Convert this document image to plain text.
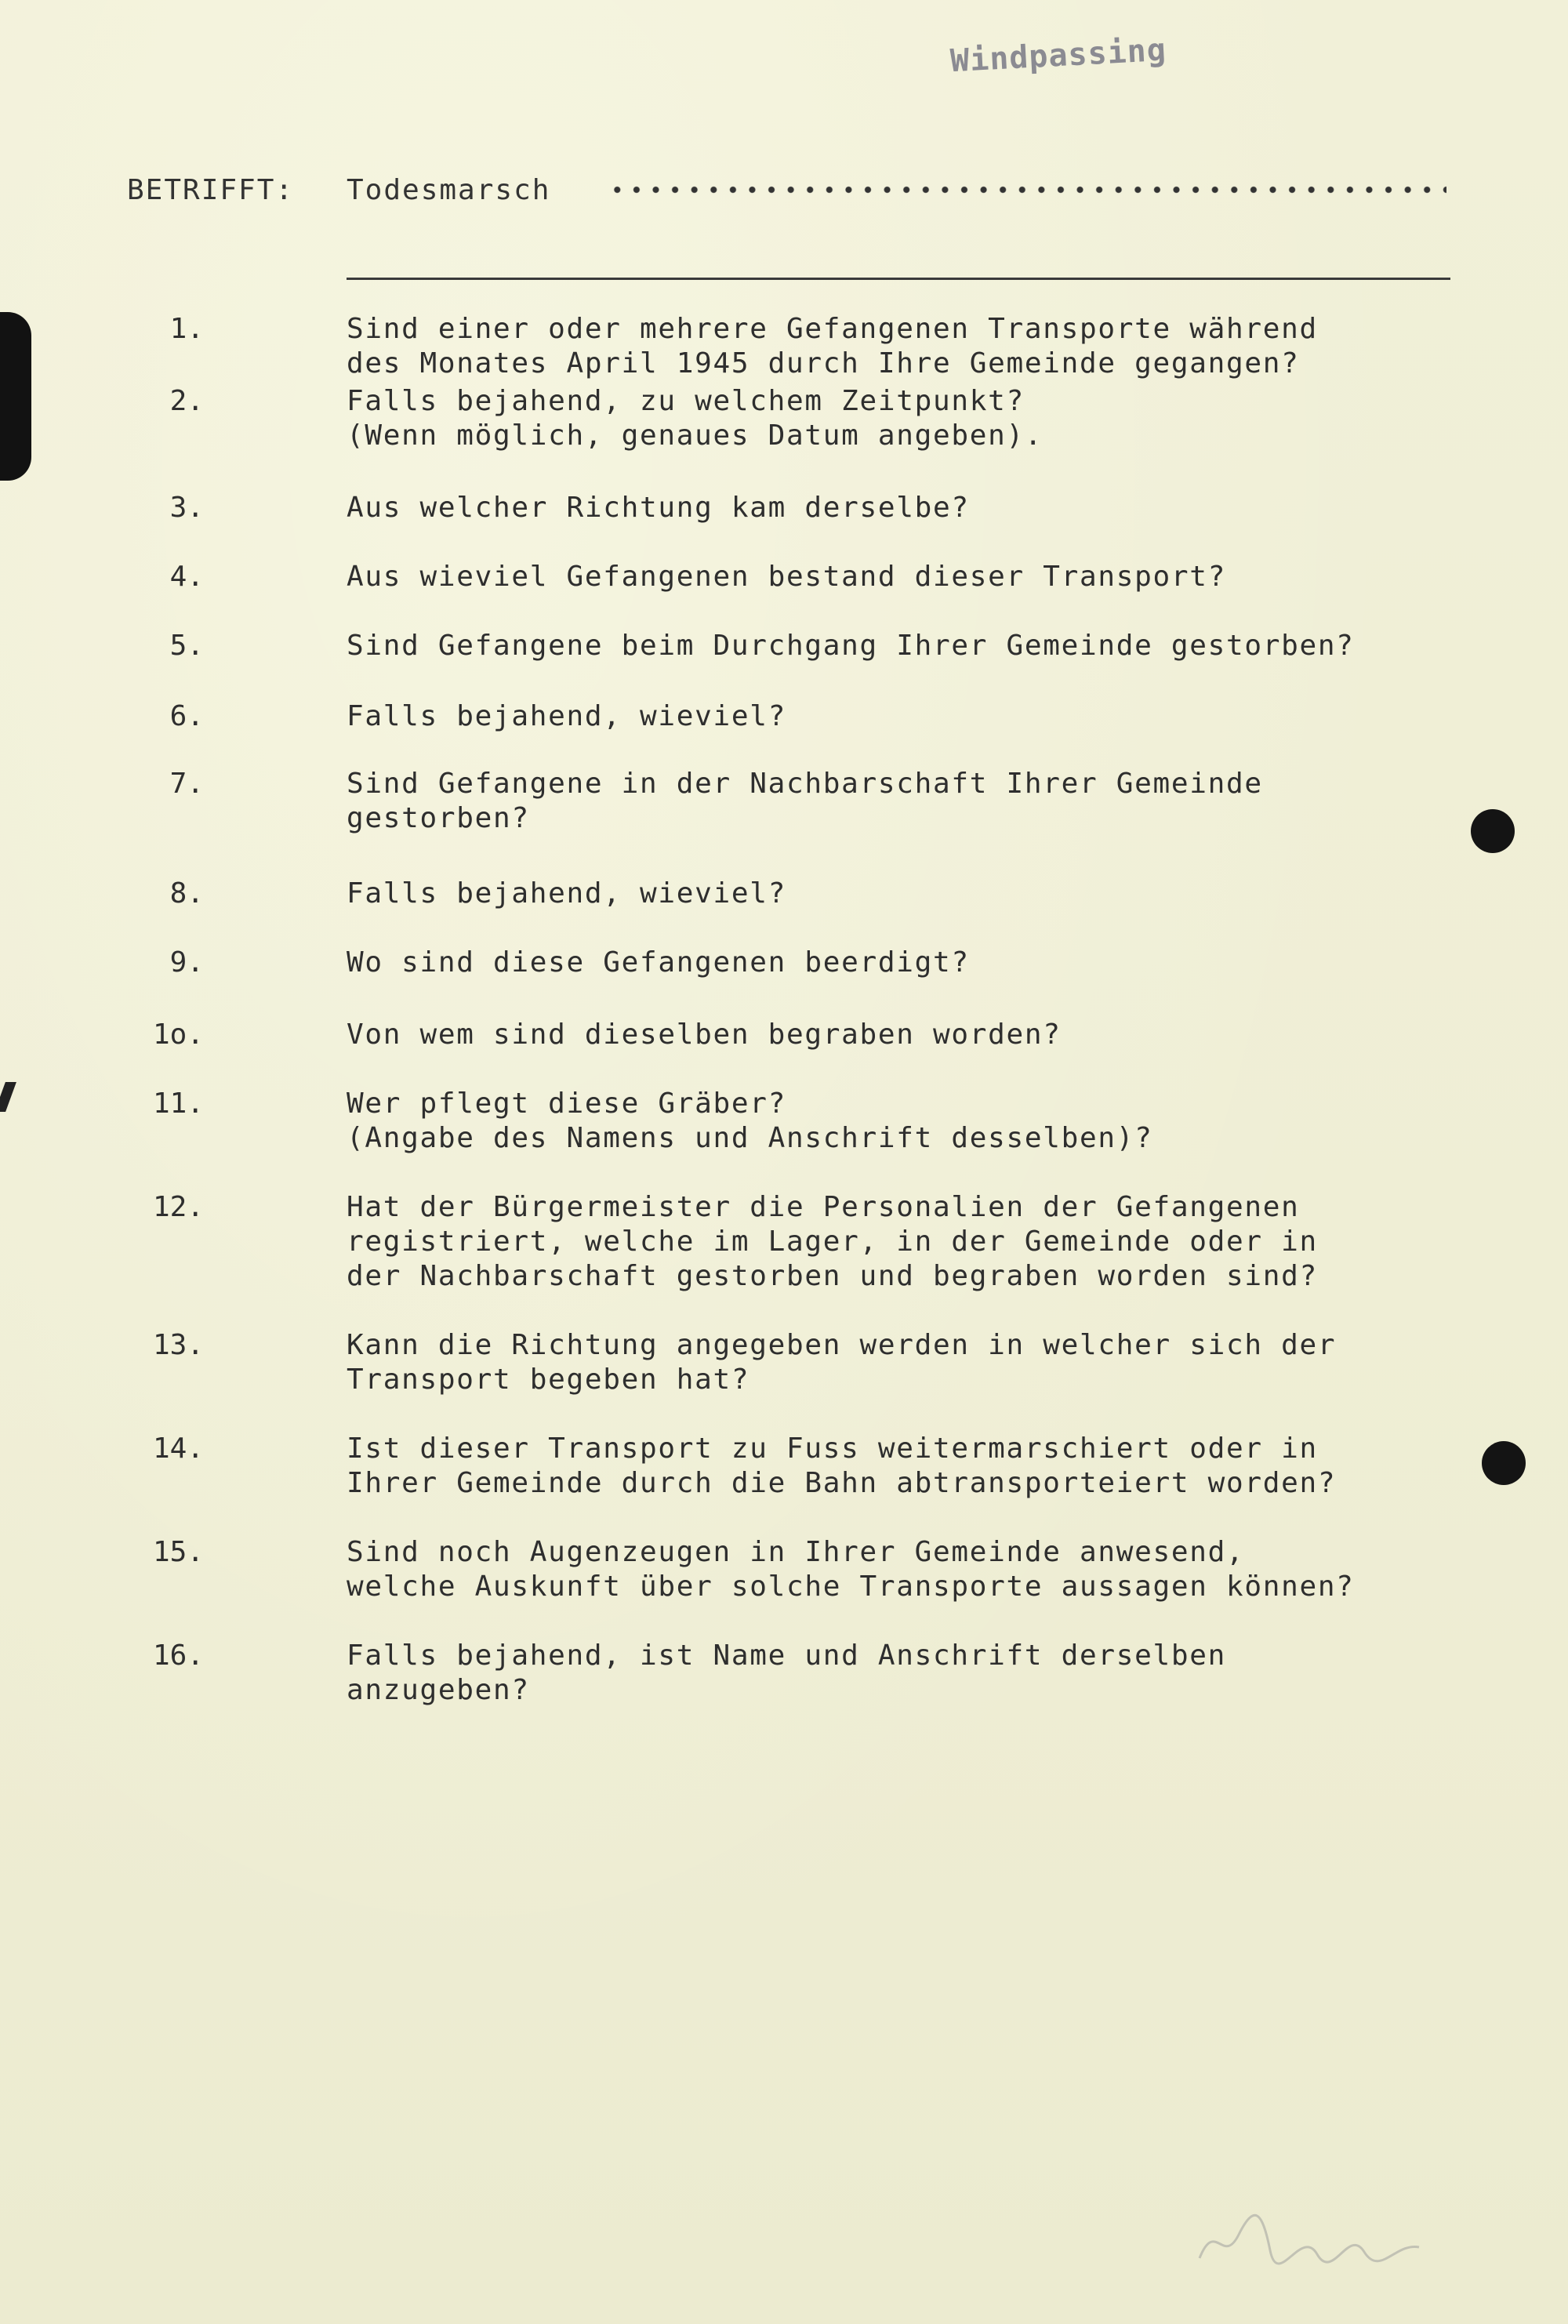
Windpassing
BETRIFFT: Todesmarsch
1.	Sind einer oder mehrere Gefangenen Transporte während
des Monates April 1945 durch Ihre Gemeinde gegangen?
2.	Falls bejahend, zu welchem Zeitpunkt?
(Wenn möglich, genaues Datum angeben).
3.	Aus welcher Richtung kam derselbe?
4.	Aus wieviel Gefangenen bestand dieser Transport?
5.	Sind Gefangene beim Durchgang Ihrer Gemeinde gestorben?
6.	Falls bejahend, wieviel?
7.	Sind Gefangene in der Nachbarschaft Ihrer Gemeinde
gestorben?
8.	Falls bejahend, wieviel?
9.	Wo sind diese Gefangenen beerdigt?
1o.	Von wem sind dieselben begraben worden?
11.	Wer pflegt diese Gräber?
(Angabe des Namens und Anschrift desselben)?
12.	Hat der Bürgermeister die Personalien der Gefangenen
registriert, welche im Lager, in der Gemeinde oder in
der Nachbarschaft gestorben und begraben worden sind?
13.	Kann die Richtung angegeben werden in welcher sich der
Transport begeben hat?
14.	Ist dieser Transport zu Fuss weitermarschiert oder in
Ihrer Gemeinde durch die Bahn abtransporteiert worden?
15.	Sind noch Augenzeugen in Ihrer Gemeinde anwesend,
welche Auskunft über solche Transporte aussagen können?
16.	Falls bejahend, ist Name und Anschrift derselben
anzugeben?
